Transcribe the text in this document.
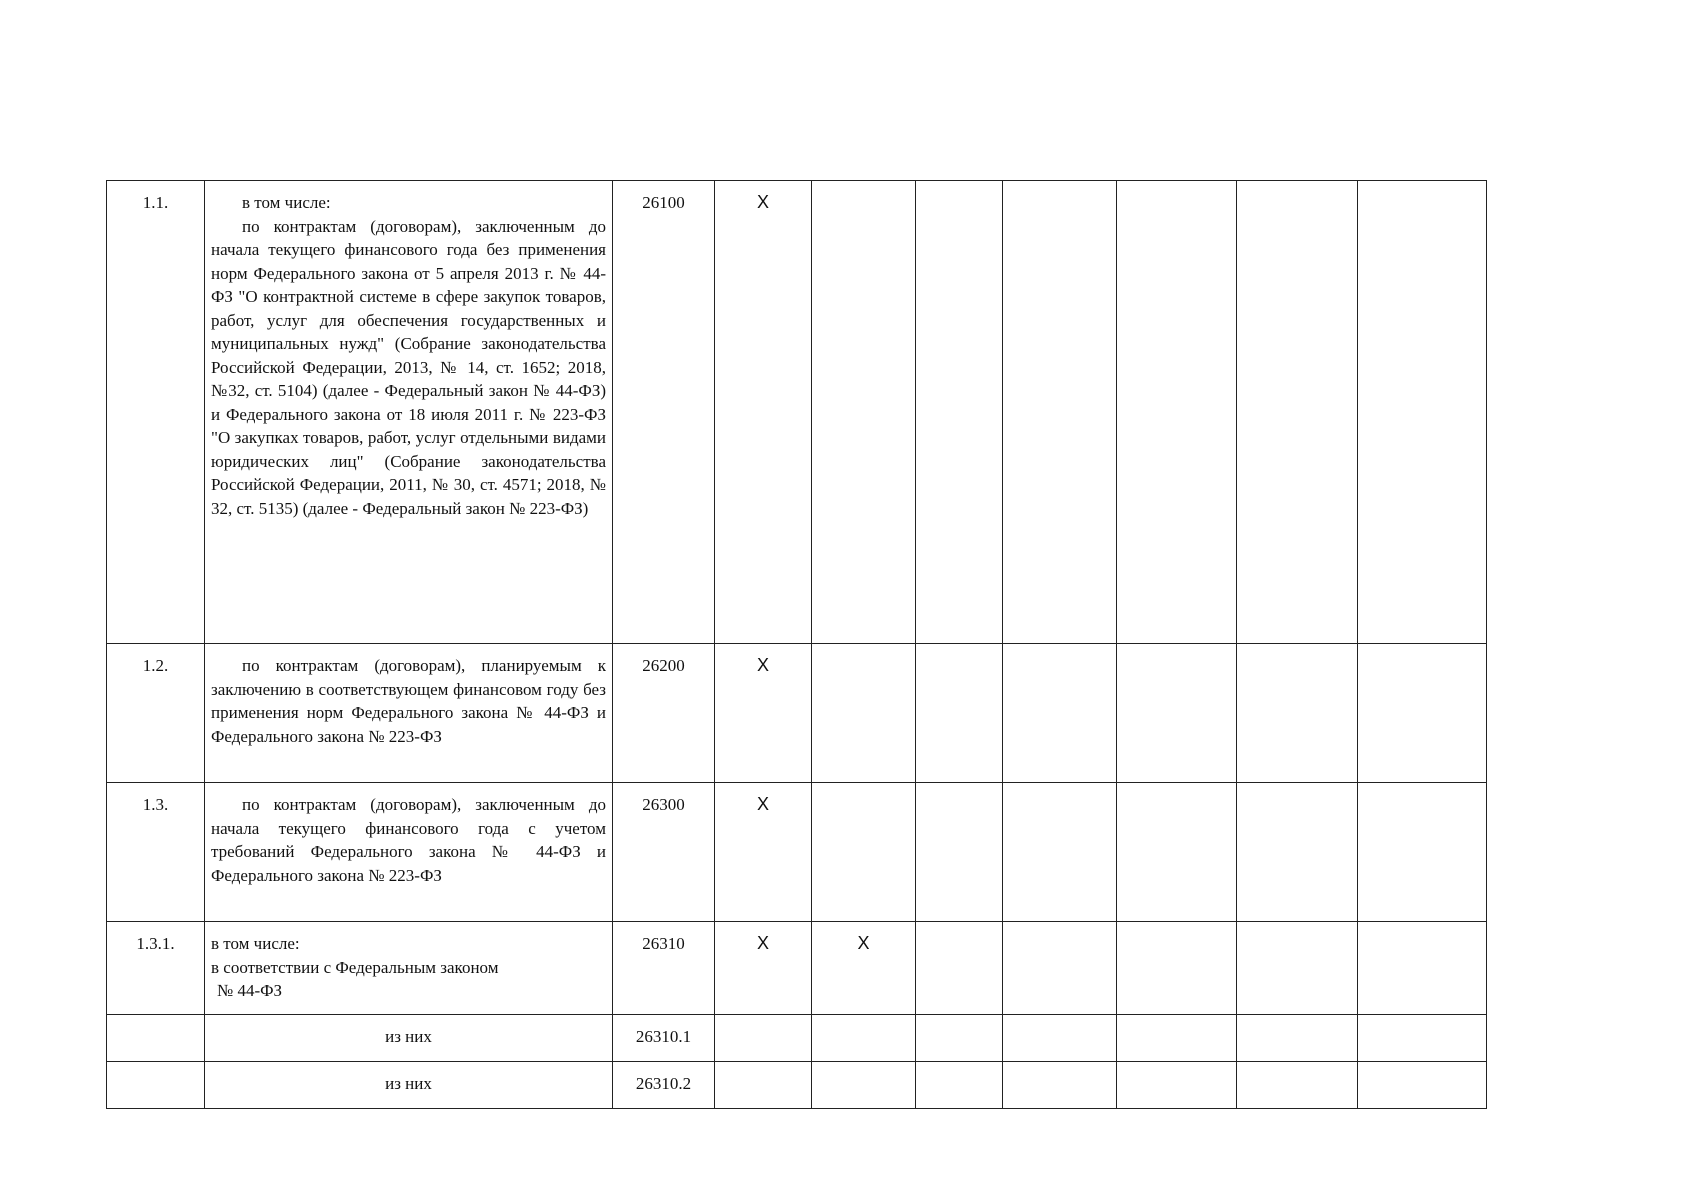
1.1.	в том числе:
по контрактам (договорам), заключенным до начала текущего финансового года без применения норм Федерального закона от 5 апреля 2013 г. № 44-ФЗ "О контрактной системе в сфере закупок товаров, работ, услуг для обеспечения государственных и муниципальных нужд" (Собрание законодательства Российской Федерации, 2013, № 14, ст. 1652; 2018, №32, ст. 5104) (далее - Федеральный закон № 44-ФЗ) и Федерального закона от 18 июля 2011 г. № 223-ФЗ "О закупках товаров, работ, услуг отдельными видами юридических лиц" (Собрание законодательства Российской Федерации, 2011, № 30, ст. 4571; 2018, № 32, ст. 5135) (далее - Федеральный закон № 223-ФЗ)	26100	X						
1.2.	по контрактам (договорам), планируемым к заключению в соответствующем финансовом году без применения норм Федерального закона № 44-ФЗ и Федерального закона № 223-ФЗ	26200	X						
1.3.	по контрактам (договорам), заключенным до начала текущего финансового года с учетом требований Федерального закона № 44-ФЗ и Федерального закона № 223-ФЗ	26300	X						
1.3.1.	в том числе:
в соответствии с Федеральным законом
№ 44-ФЗ	26310	X	X					
	из них	26310.1							
	из них	26310.2							
